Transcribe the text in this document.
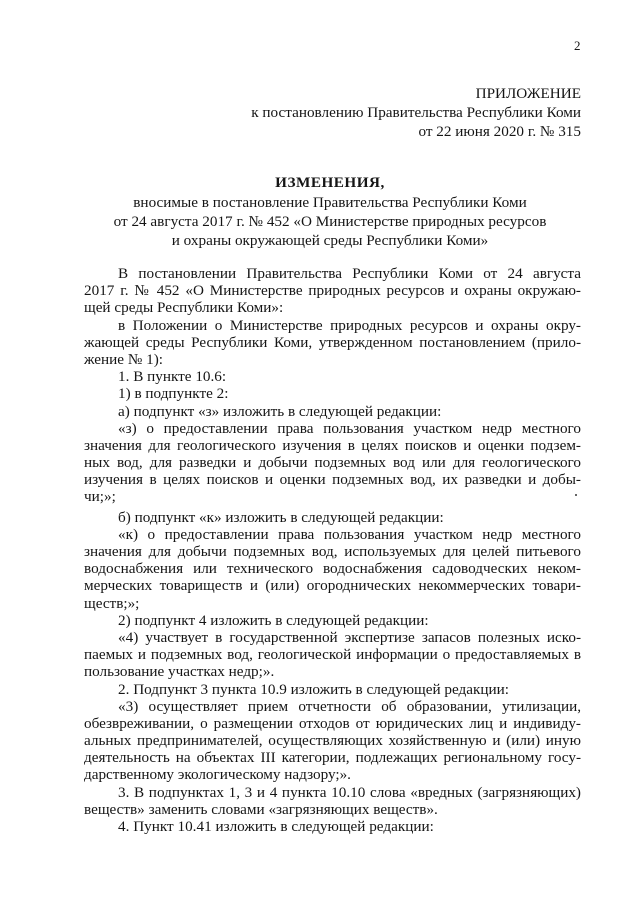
2
ПРИЛОЖЕНИЕ
к постановлению Правительства Республики Коми
от 22 июня 2020 г. № 315
ИЗМЕНЕНИЯ,
вносимые в постановление Правительства Республики Коми
от 24 августа 2017 г. № 452 «О Министерстве природных ресурсов
и охраны окружающей среды Республики Коми»
В постановлении Правительства Республики Коми от 24 августа
2017 г. № 452 «О Министерстве природных ресурсов и охраны окружаю-
щей среды Республики Коми»:
в Положении о Министерстве природных ресурсов и охраны окру-
жающей среды Республики Коми, утвержденном постановлением (прило-
жение № 1):
1. В пункте 10.6:
1) в подпункте 2:
а) подпункт «з» изложить в следующей редакции:
«з) о предоставлении права пользования участком недр местного
значения для геологического изучения в целях поисков и оценки подзем-
ных вод, для разведки и добычи подземных вод или для геологического
изучения в целях поисков и оценки подземных вод, их разведки и добы-
чи;»;
б) подпункт «к» изложить в следующей редакции:
«к) о предоставлении права пользования участком недр местного
значения для добычи подземных вод, используемых для целей питьевого
водоснабжения или технического водоснабжения садоводческих неком-
мерческих товариществ и (или) огороднических некоммерческих товари-
ществ;»;
2) подпункт 4 изложить в следующей редакции:
«4) участвует в государственной экспертизе запасов полезных иско-
паемых и подземных вод, геологической информации о предоставляемых в
пользование участках недр;».
2. Подпункт 3 пункта 10.9 изложить в следующей редакции:
«3) осуществляет прием отчетности об образовании, утилизации,
обезвреживании, о размещении отходов от юридических лиц и индивиду-
альных предпринимателей, осуществляющих хозяйственную и (или) иную
деятельность на объектах III категории, подлежащих региональному госу-
дарственному экологическому надзору;».
3. В подпунктах 1, 3 и 4 пункта 10.10 слова «вредных (загрязняющих)
веществ» заменить словами «загрязняющих веществ».
4. Пункт 10.41 изложить в следующей редакции:
